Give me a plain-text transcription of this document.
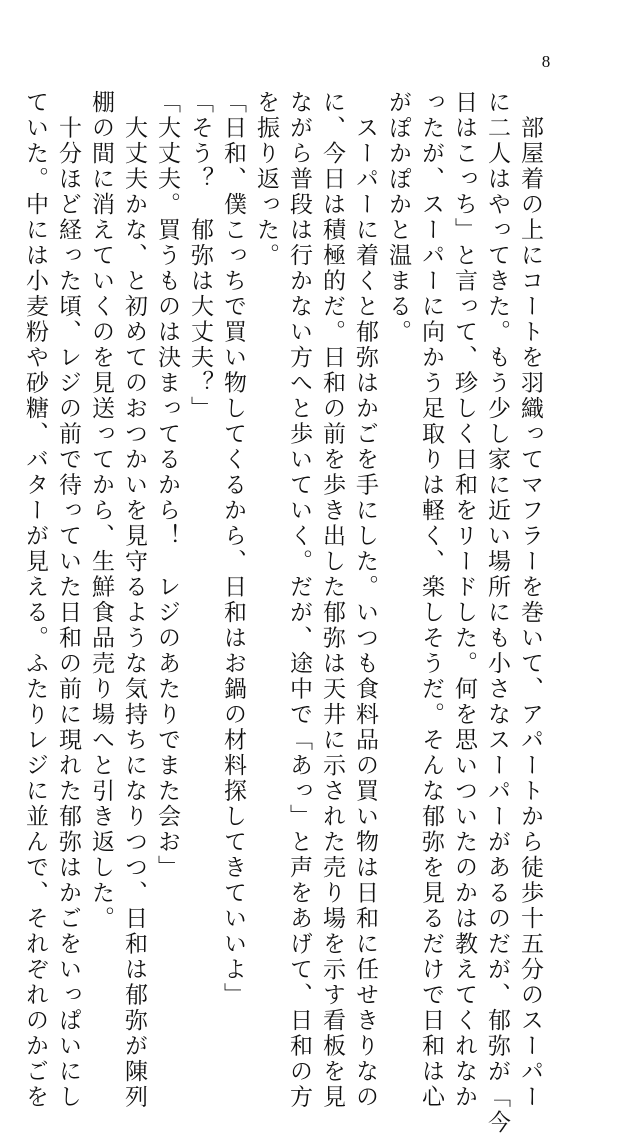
8
　部屋着の上にコートを羽織ってマフラーを巻いて、アパートから徒歩十五分のスーパー
に二人はやってきた。もう少し家に近い場所にも小さなスーパーがあるのだが、郁弥が「今
日はこっち」と言って、珍しく日和をリードした。何を思いついたのかは教えてくれなか
ったが、スーパーに向かう足取りは軽く、楽しそうだ。そんな郁弥を見るだけで日和は心
がぽかぽかと温まる。
　スーパーに着くと郁弥はかごを手にした。いつも食料品の買い物は日和に任せきりなの
に、今日は積極的だ。日和の前を歩き出した郁弥は天井に示された売り場を示す看板を見
ながら普段は行かない方へと歩いていく。だが、途中で「あっ」と声をあげて、日和の方
を振り返った。
「日和、僕こっちで買い物してくるから、日和はお鍋の材料探してきていいよ」
「そう？　郁弥は大丈夫？」
「大丈夫。買うものは決まってるから！　レジのあたりでまた会お」
　大丈夫かな、と初めてのおつかいを見守るような気持ちになりつつ、日和は郁弥が陳列
棚の間に消えていくのを見送ってから、生鮮食品売り場へと引き返した。
　十分ほど経った頃、レジの前で待っていた日和の前に現れた郁弥はかごをいっぱいにし
ていた。中には小麦粉や砂糖、バターが見える。ふたりレジに並んで、それぞれのかごを
